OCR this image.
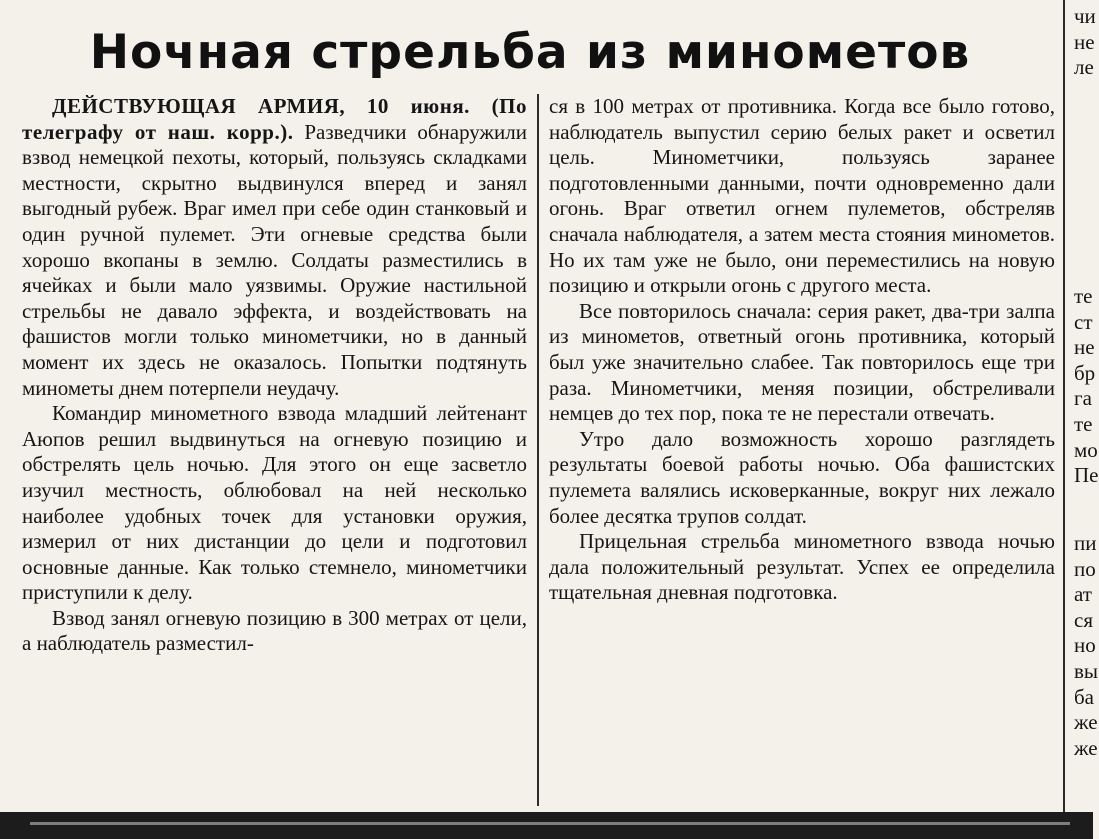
Ночная стрельба из минометов

ДЕЙСТВУЮЩАЯ АРМИЯ, 10 июня. (По телеграфу от наш. корр.). Разведчики обнаружили взвод немецкой пехоты, который, пользуясь складками местности, скрытно выдвинулся вперед и занял выгодный рубеж. Враг имел при себе один станковый и один ручной пулемет. Эти огневые средства были хорошо вкопаны в землю. Солдаты разместились в ячейках и были мало уязвимы. Оружие настильной стрельбы не давало эффекта, и воздействовать на фашистов могли только минометчики, но в данный момент их здесь не оказалось. Попытки подтянуть минометы днем потерпели неудачу.

Командир минометного взвода младший лейтенант Аюпов решил выдвинуться на огневую позицию и обстрелять цель ночью. Для этого он еще засветло изучил местность, облюбовал на ней несколько наиболее удобных точек для установки оружия, измерил от них дистанции до цели и подготовил основные данные. Как только стемнело, минометчики приступили к делу.

Взвод занял огневую позицию в 300 метрах от цели, а наблюдатель разместил-

ся в 100 метрах от противника. Когда все было готово, наблюдатель выпустил серию белых ракет и осветил цель. Минометчики, пользуясь заранее подготовленными данными, почти одновременно дали огонь. Враг ответил огнем пулеметов, обстреляв сначала наблюдателя, а затем места стояния минометов. Но их там уже не было, они переместились на новую позицию и открыли огонь с другого места.

Все повторилось сначала: серия ракет, два-три залпа из минометов, ответный огонь противника, который был уже значительно слабее. Так повторилось еще три раза. Минометчики, меняя позиции, обстреливали немцев до тех пор, пока те не перестали отвечать.

Утро дало возможность хорошо разглядеть результаты боевой работы ночью. Оба фашистских пулемета валялись исковерканные, вокруг них лежало более десятка трупов солдат.

Прицельная стрельба минометного взвода ночью дала положительный результат. Успех ее определила тщательная дневная подготовка.

чи
не
ле
те
ст
не
бр
га
те
мо
Пе
пи
по
ат
ся
но
вы
ба
же
же
